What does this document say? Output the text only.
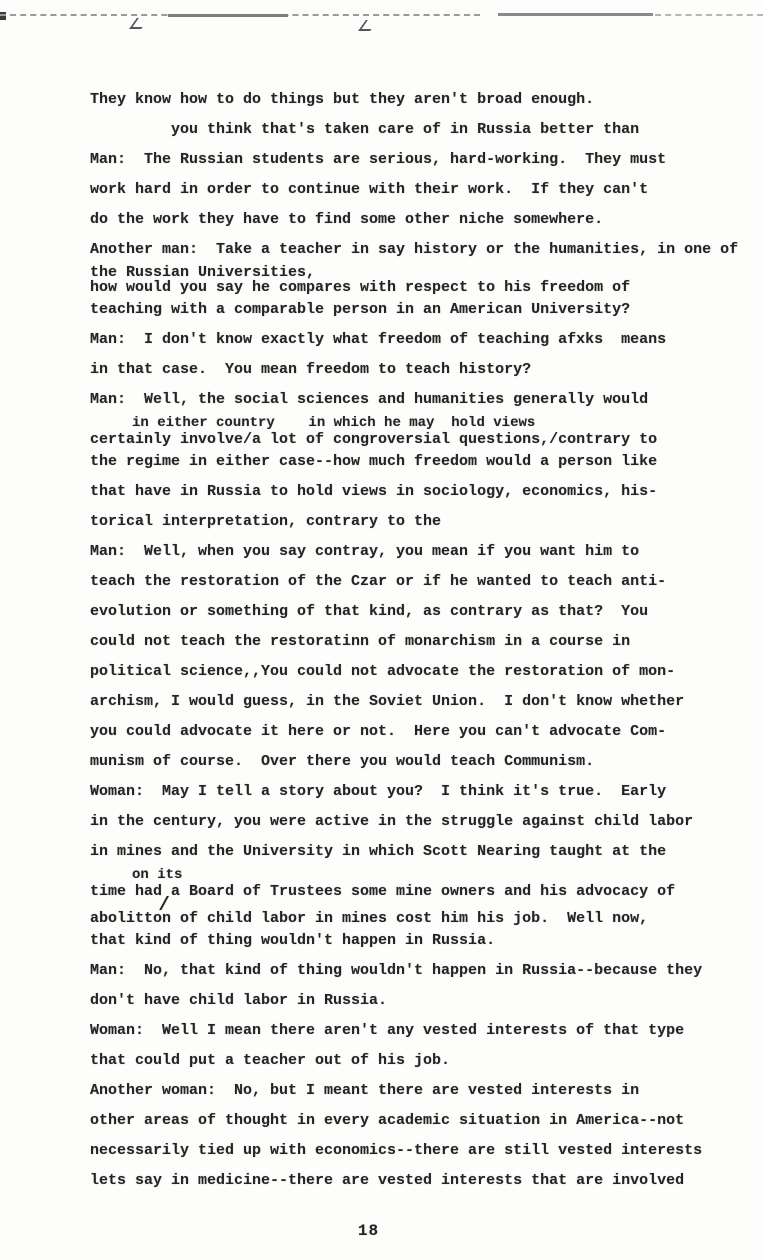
They know how to do things but they aren't broad enough.
you think that's taken care of in Russia better than
Man:  The Russian students are serious, hard-working.  They must
work hard in order to continue with their work.  If they can't
do the work they have to find some other niche somewhere.
Another man:  Take a teacher in say history or the humanities, in one of
the Russian Universities,
how would you say he compares with respect to his freedom of
teaching with a comparable person in an American University?
Man:  I don't know exactly what freedom of teaching afxks  means
in that case.  You mean freedom to teach history?
Man:  Well, the social sciences and humanities generally would
in either country    in which he may  hold views
certainly involve/a lot of congroversial questions,/contrary to
the regime in either case--how much freedom would a person like
that have in Russia to hold views in sociology, economics, his-
torical interpretation, contrary to the
Man:  Well, when you say contray, you mean if you want him to
teach the restoration of the Czar or if he wanted to teach anti-
evolution or something of that kind, as contrary as that?  You
could not teach the restoratinn of monarchism in a course in
political science,,You could not advocate the restoration of mon-
archism, I would guess, in the Soviet Union.  I don't know whether
you could advocate it here or not.  Here you can't advocate Com-
munism of course.  Over there you would teach Communism.
Woman:  May I tell a story about you?  I think it's true.  Early
in the century, you were active in the struggle against child labor
in mines and the University in which Scott Nearing taught at the
on its
time had a Board of Trustees some mine owners and his advocacy of
/
abolitton of child labor in mines cost him his job.  Well now,
that kind of thing wouldn't happen in Russia.
Man:  No, that kind of thing wouldn't happen in Russia--because they
don't have child labor in Russia.
Woman:  Well I mean there aren't any vested interests of that type
that could put a teacher out of his job.
Another woman:  No, but I meant there are vested interests in
other areas of thought in every academic situation in America--not
necessarily tied up with economics--there are still vested interests
lets say in medicine--there are vested interests that are involved
18
